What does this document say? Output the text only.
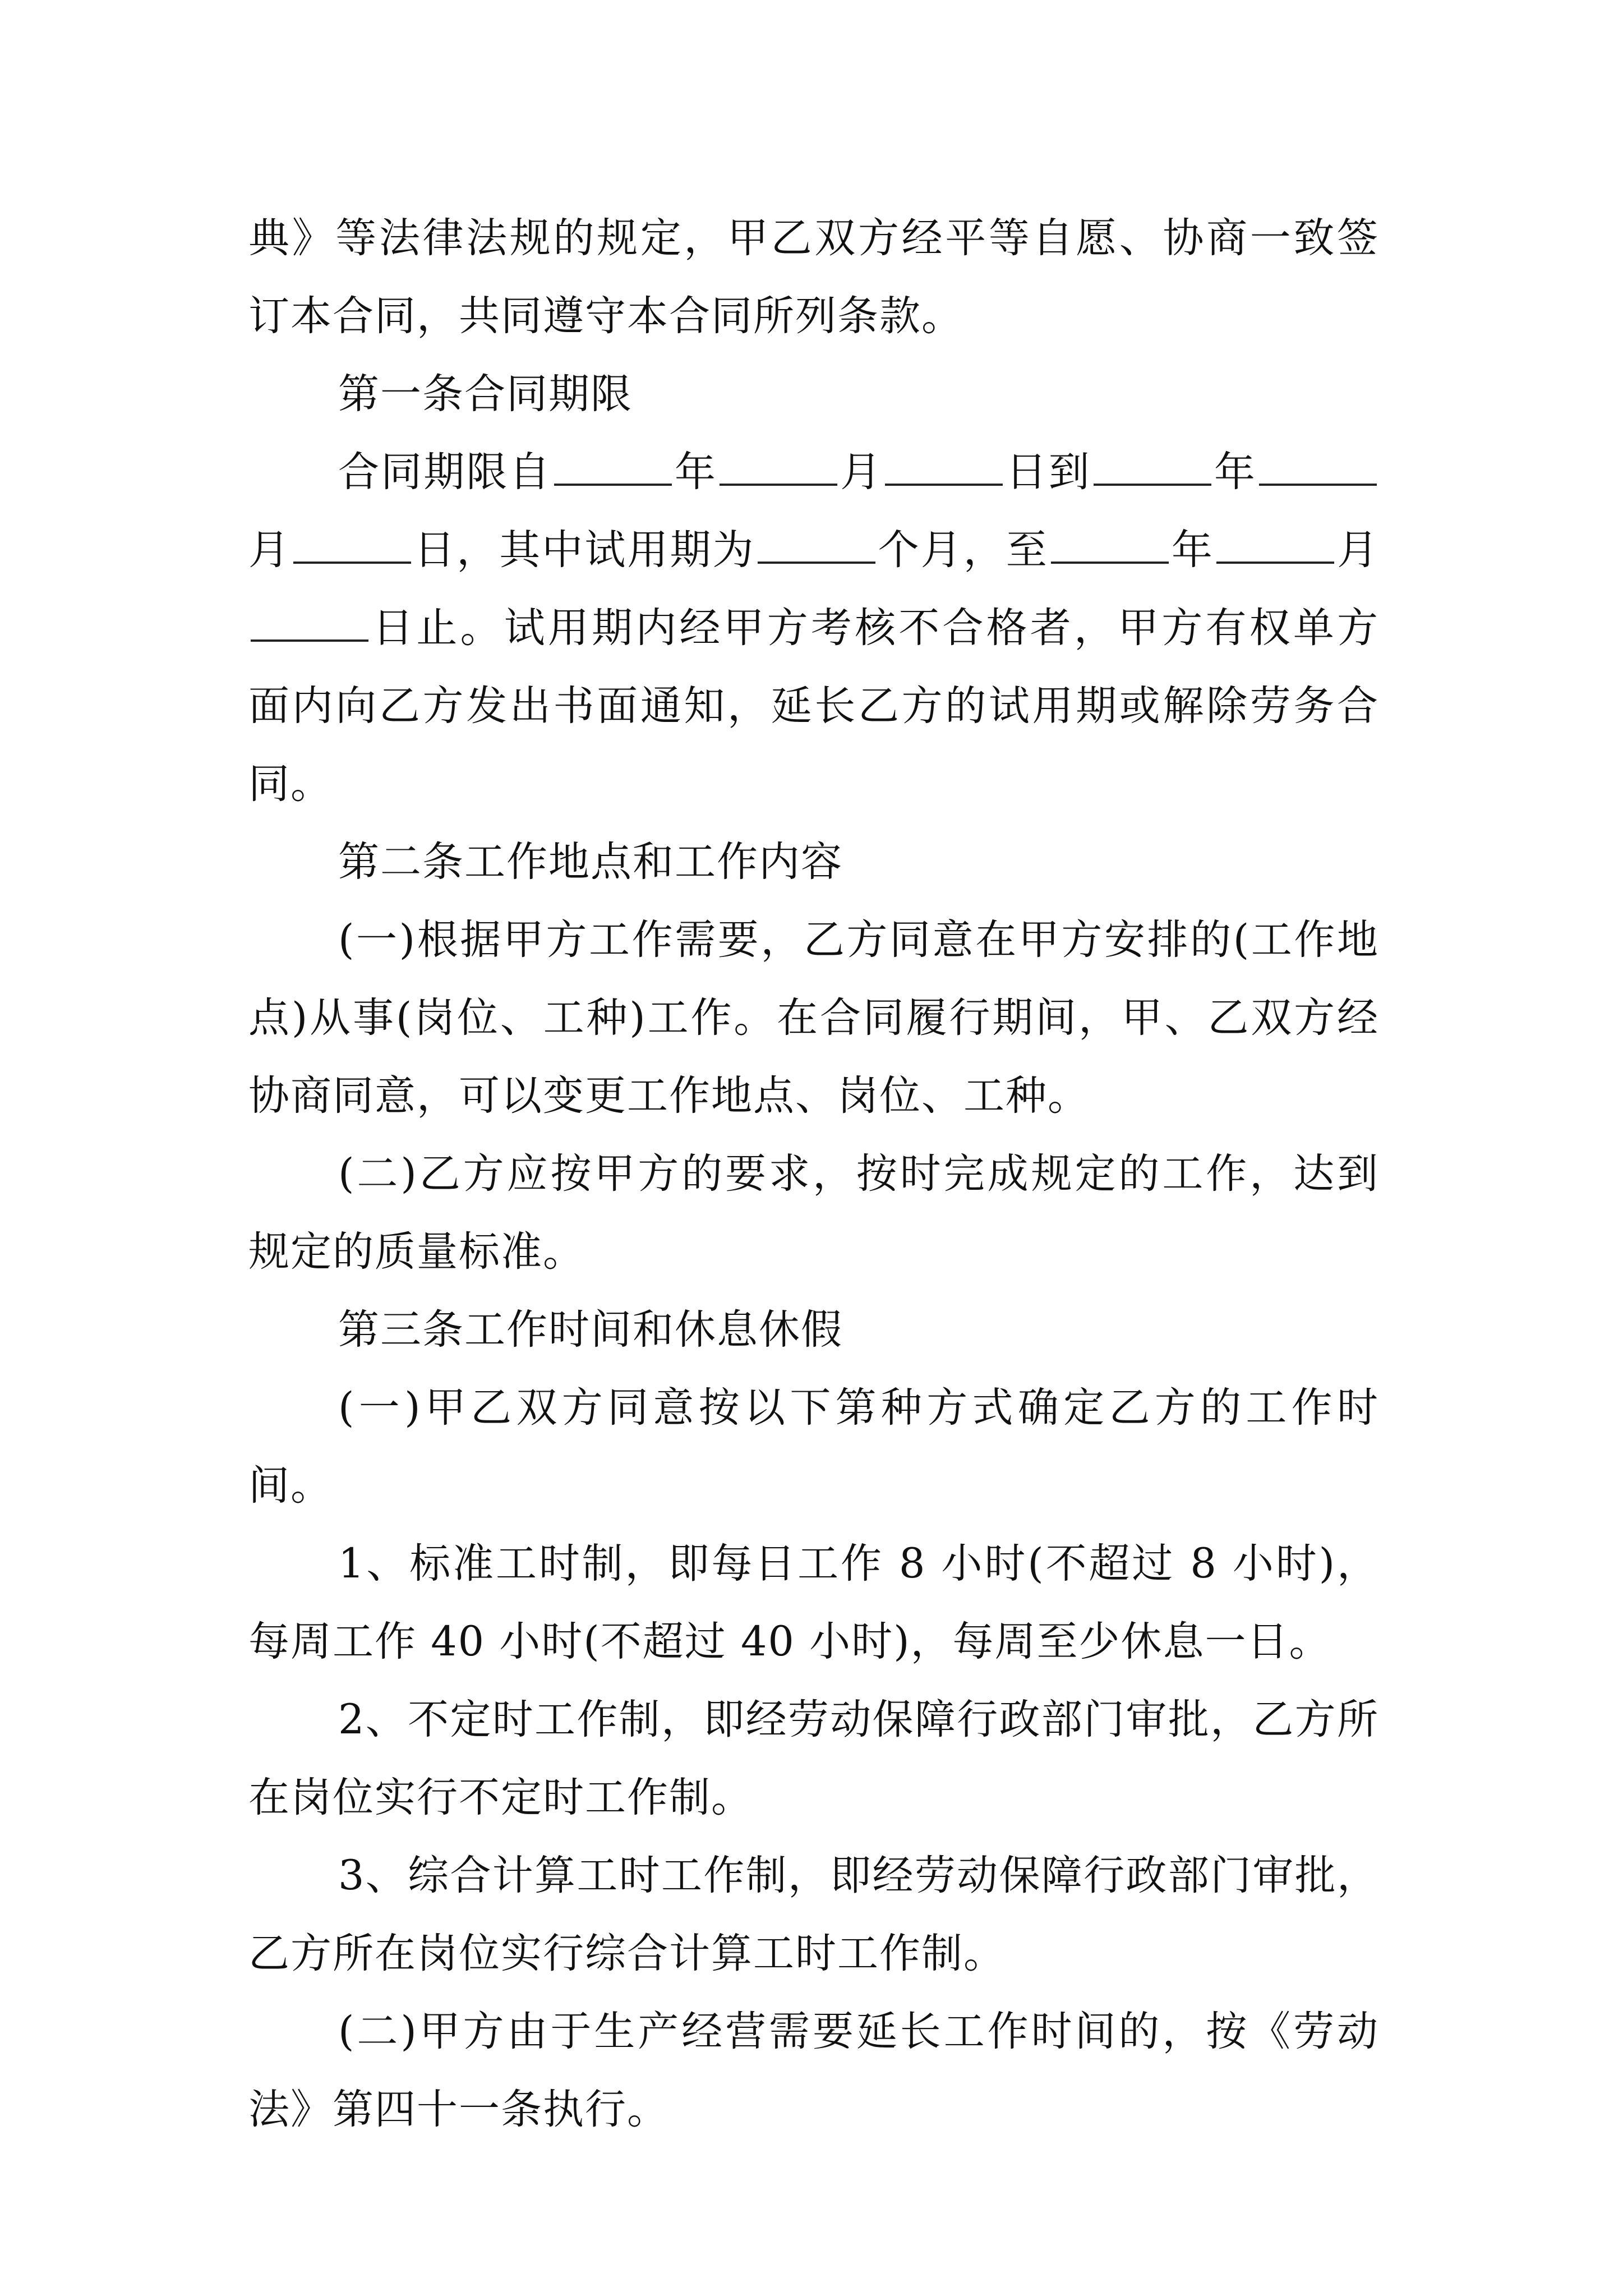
典》等法律法规的规定，甲乙双方经平等自愿、协商一致签订本合同，共同遵守本合同所列条款。

第一条合同期限

合同期限自	年	月	日到	年月	日，其中试用期为	个月，至	年	月日止。试用期内经甲方考核不合格者，甲方有权单方面内向乙方发出书面通知，延长乙方的试用期或解除劳务合同。

第二条工作地点和工作内容

(一)根据甲方工作需要，乙方同意在甲方安排的(工作地点)从事(岗位、工种)工作。在合同履行期间，甲、乙双方经协商同意，可以变更工作地点、岗位、工种。

(二)乙方应按甲方的要求，按时完成规定的工作，达到规定的质量标准。

第三条工作时间和休息休假

(一)甲乙双方同意按以下第种方式确定乙方的工作时间。

1、标准工时制，即每日工作 8 小时(不超过 8 小时)，每周工作 40 小时(不超过 40 小时)，每周至少休息一日。

2、不定时工作制，即经劳动保障行政部门审批，乙方所在岗位实行不定时工作制。

3、综合计算工时工作制，即经劳动保障行政部门审批，乙方所在岗位实行综合计算工时工作制。

(二)甲方由于生产经营需要延长工作时间的，按《劳动法》第四十一条执行。
